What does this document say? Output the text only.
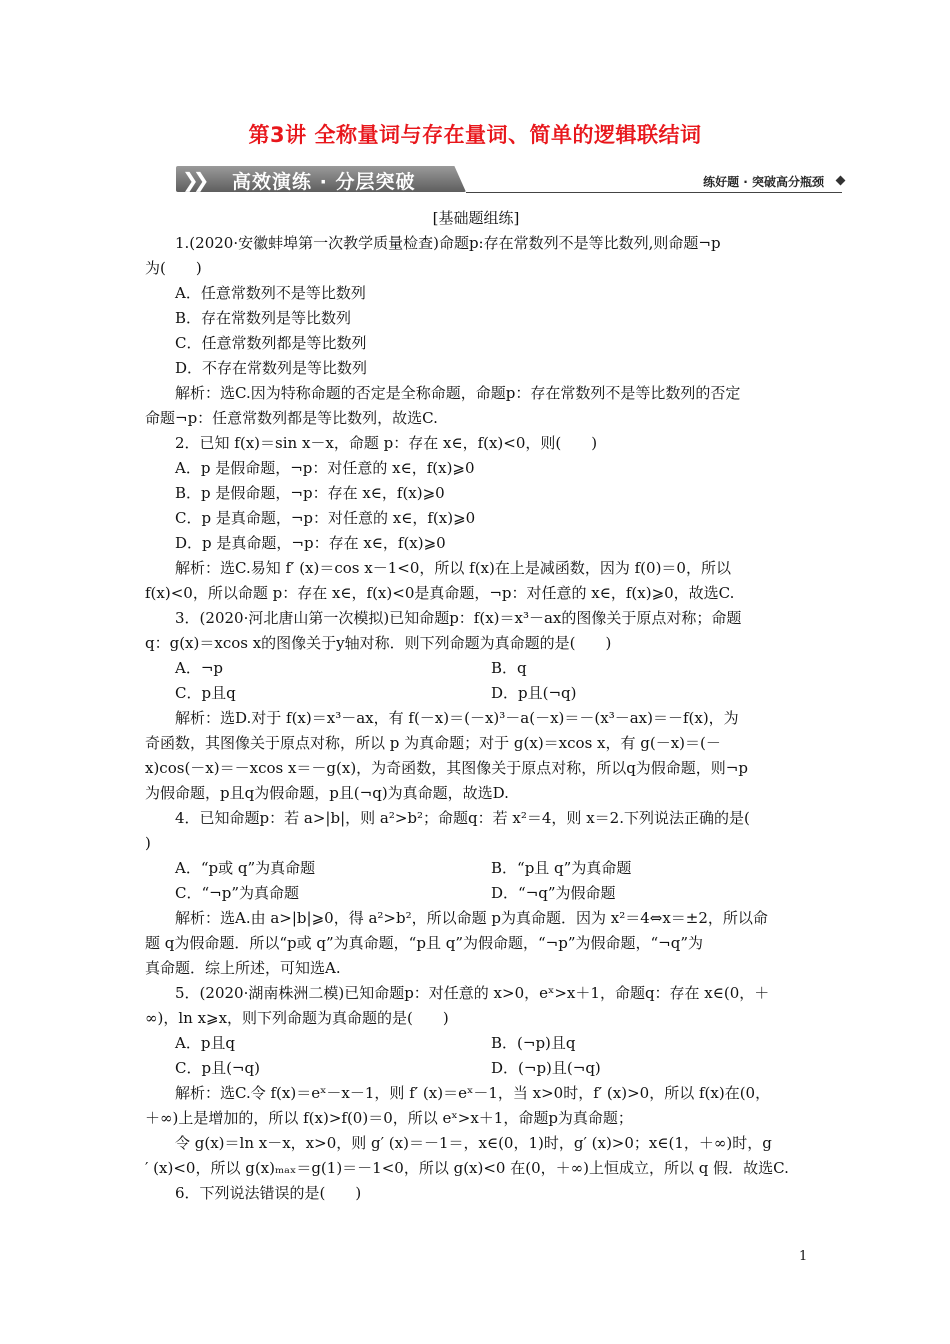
第3讲 全称量词与存在量词、简单的逻辑联结词
❯❯ 高效演练 · 分层突破	练好题 · 突破高分瓶颈

[基础题组练]

1.(2020·安徽蚌埠第一次教学质量检查)命题p:存在常数列不是等比数列,则命题¬p

为(　　)

A．任意常数列不是等比数列

B．存在常数列是等比数列

C．任意常数列都是等比数列

D．不存在常数列是等比数列

解析：选C.因为特称命题的否定是全称命题，命题p：存在常数列不是等比数列的否定

命题¬p：任意常数列都是等比数列，故选C.

2．已知 f(x)＝sin x－x，命题 p：存在 x∈，f(x)<0，则(　　)

A．p 是假命题，¬p：对任意的 x∈，f(x)⩾0

B．p 是假命题，¬p：存在 x∈，f(x)⩾0

C．p 是真命题，¬p：对任意的 x∈，f(x)⩾0

D．p 是真命题，¬p：存在 x∈，f(x)⩾0

解析：选C.易知 f′ (x)＝cos x－1<0，所以 f(x)在上是减函数，因为 f(0)＝0，所以

f(x)<0，所以命题 p：存在 x∈，f(x)<0是真命题，¬p：对任意的 x∈，f(x)⩾0，故选C.

3．(2020·河北唐山第一次模拟)已知命题p：f(x)＝x³－ax的图像关于原点对称；命题

q：g(x)＝xcos x的图像关于y轴对称．则下列命题为真命题的是(　　)

A．¬p	B．q
C．p且q	D．p且(¬q)

解析：选D.对于 f(x)＝x³－ax，有 f(－x)＝(－x)³－a(－x)＝－(x³－ax)＝－f(x)，为

奇函数，其图像关于原点对称，所以 p 为真命题；对于 g(x)＝xcos x，有 g(－x)＝(－

x)cos(－x)＝－xcos x＝－g(x)，为奇函数，其图像关于原点对称，所以q为假命题，则¬p

为假命题，p且q为假命题，p且(¬q)为真命题，故选D.

4．已知命题p：若 a>|b|，则 a²>b²；命题q：若 x²＝4，则 x＝2.下列说法正确的是(

)

A．“p或 q”为真命题	B．“p且 q”为真命题
C．“¬p”为真命题	D．“¬q”为假命题

解析：选A.由 a>|b|⩾0，得 a²>b²，所以命题 p为真命题．因为 x²＝4⇔x＝±2，所以命

题 q为假命题．所以“p或 q”为真命题，“p且 q”为假命题，“¬p”为假命题，“¬q”为

真命题．综上所述，可知选A.

5．(2020·湖南株洲二模)已知命题p：对任意的 x>0，eˣ>x＋1，命题q：存在 x∈(0，＋

∞)，ln x⩾x，则下列命题为真命题的是(　　)

A．p且q	B．(¬p)且q
C．p且(¬q)	D．(¬p)且(¬q)

解析：选C.令 f(x)＝eˣ－x－1，则 f′ (x)＝eˣ－1，当 x>0时，f′ (x)>0，所以 f(x)在(0，

＋∞)上是增加的，所以 f(x)>f(0)＝0，所以 eˣ>x＋1，命题p为真命题；

令 g(x)＝ln x－x，x>0，则 g′ (x)＝－1＝，x∈(0，1)时，g′ (x)>0；x∈(1，＋∞)时，g

′ (x)<0，所以 g(x)ₘₐₓ＝g(1)＝－1<0，所以 g(x)<0 在(0，＋∞)上恒成立，所以 q 假．故选C.

6．下列说法错误的是(　　)

1
